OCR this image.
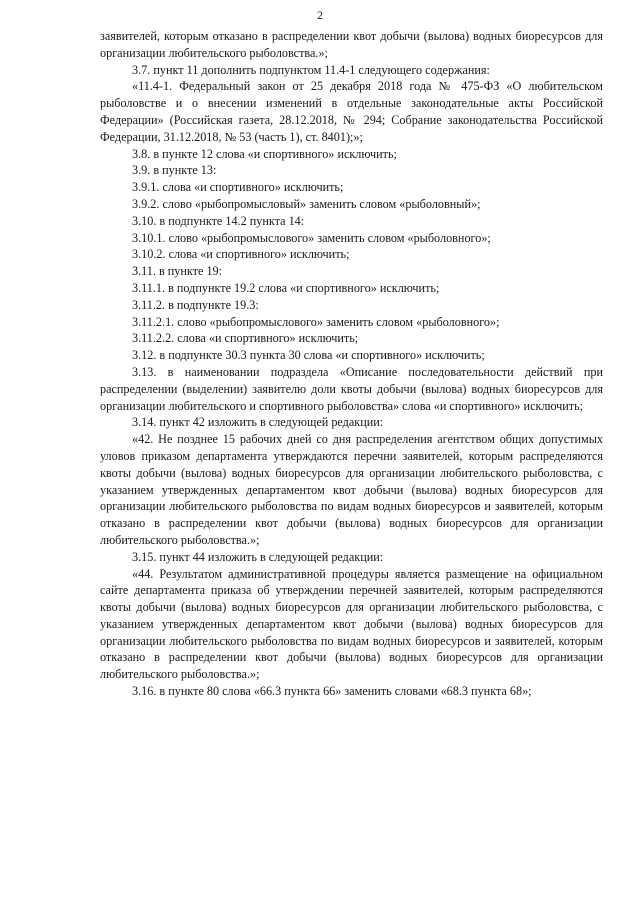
2

заявителей, которым отказано в распределении квот добычи (вылова) водных биоресурсов для организации любительского рыболовства.»;

3.7. пункт 11 дополнить подпунктом 11.4-1 следующего содержания:

«11.4-1. Федеральный закон от 25 декабря 2018 года № 475-ФЗ «О любительском рыболовстве и о внесении изменений в отдельные законодательные акты Российской Федерации» (Российская газета, 28.12.2018, № 294; Собрание законодательства Российской Федерации, 31.12.2018, № 53 (часть 1), ст. 8401);»;

3.8. в пункте 12 слова «и спортивного» исключить;

3.9. в пункте 13:

3.9.1. слова «и спортивного» исключить;

3.9.2. слово «рыбопромысловый» заменить словом «рыболовный»;

3.10. в подпункте 14.2 пункта 14:

3.10.1. слово «рыбопромыслового» заменить словом «рыболовного»;

3.10.2. слова «и спортивного» исключить;

3.11. в пункте 19:

3.11.1. в подпункте 19.2 слова «и спортивного» исключить;

3.11.2. в подпункте 19.3:

3.11.2.1. слово «рыбопромыслового» заменить словом «рыболовного»;

3.11.2.2. слова «и спортивного» исключить;

3.12. в подпункте 30.3 пункта 30 слова «и спортивного» исключить;

3.13. в наименовании подраздела «Описание последовательности действий при распределении (выделении) заявителю доли квоты добычи (вылова) водных биоресурсов для организации любительского и спортивного рыболовства» слова «и спортивного» исключить;

3.14. пункт 42 изложить в следующей редакции:

«42. Не позднее 15 рабочих дней со дня распределения агентством общих допустимых уловов приказом департамента утверждаются перечни заявителей, которым распределяются квоты добычи (вылова) водных биоресурсов для организации любительского рыболовства, с указанием утвержденных департаментом квот добычи (вылова) водных биоресурсов для организации любительского рыболовства по видам водных биоресурсов и заявителей, которым отказано в распределении квот добычи (вылова) водных биоресурсов для организации любительского рыболовства.»;

3.15. пункт 44 изложить в следующей редакции:

«44. Результатом административной процедуры является размещение на официальном сайте департамента приказа об утверждении перечней заявителей, которым распределяются квоты добычи (вылова) водных биоресурсов для организации любительского рыболовства, с указанием утвержденных департаментом квот добычи (вылова) водных биоресурсов для организации любительского рыболовства по видам водных биоресурсов и заявителей, которым отказано в распределении квот добычи (вылова) водных биоресурсов для организации любительского рыболовства.»;

3.16. в пункте 80 слова «66.3 пункта 66» заменить словами «68.3 пункта 68»;
